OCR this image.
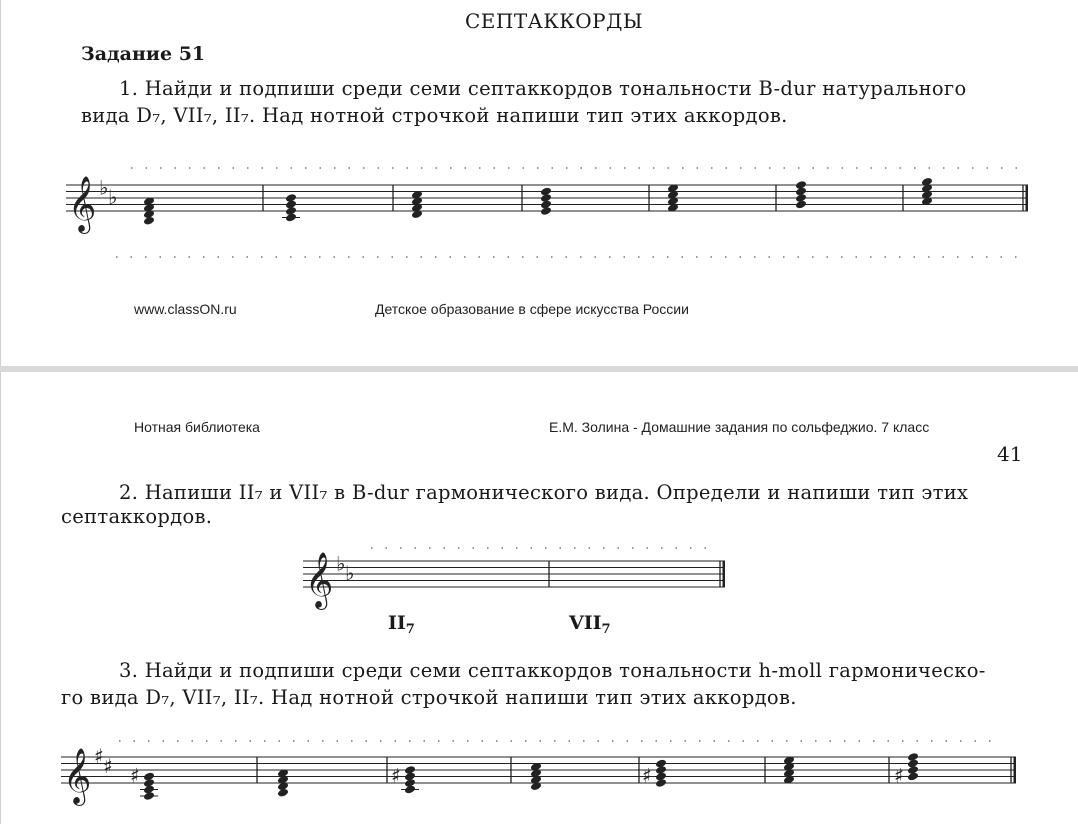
СЕПТАККОРДЫ
Задание 51
1. Найди и подпиши среди семи септаккордов тональности B-dur натурального
вида D₇, VII₇, II₇. Над нотной строчкой напиши тип этих аккордов.
𝄞 ♭ ♭
www.classON.ru	Детское образование в сфере искусства России
Нотная библиотека	Е.М. Золина - Домашние задания по сольфеджио. 7 класс
41
2. Напиши II₇ и VII₇ в B-dur гармонического вида. Определи и напиши тип этих
септаккордов.
𝄞 ♭ ♭
$II_7$	$VII_7$
3. Найди и подпиши среди семи септаккордов тональности h-moll гармоническо-
го вида D₇, VII₇, II₇. Над нотной строчкой напиши тип этих аккордов.
𝄞 ♯ ♯ ♯	♯	♯	♯
